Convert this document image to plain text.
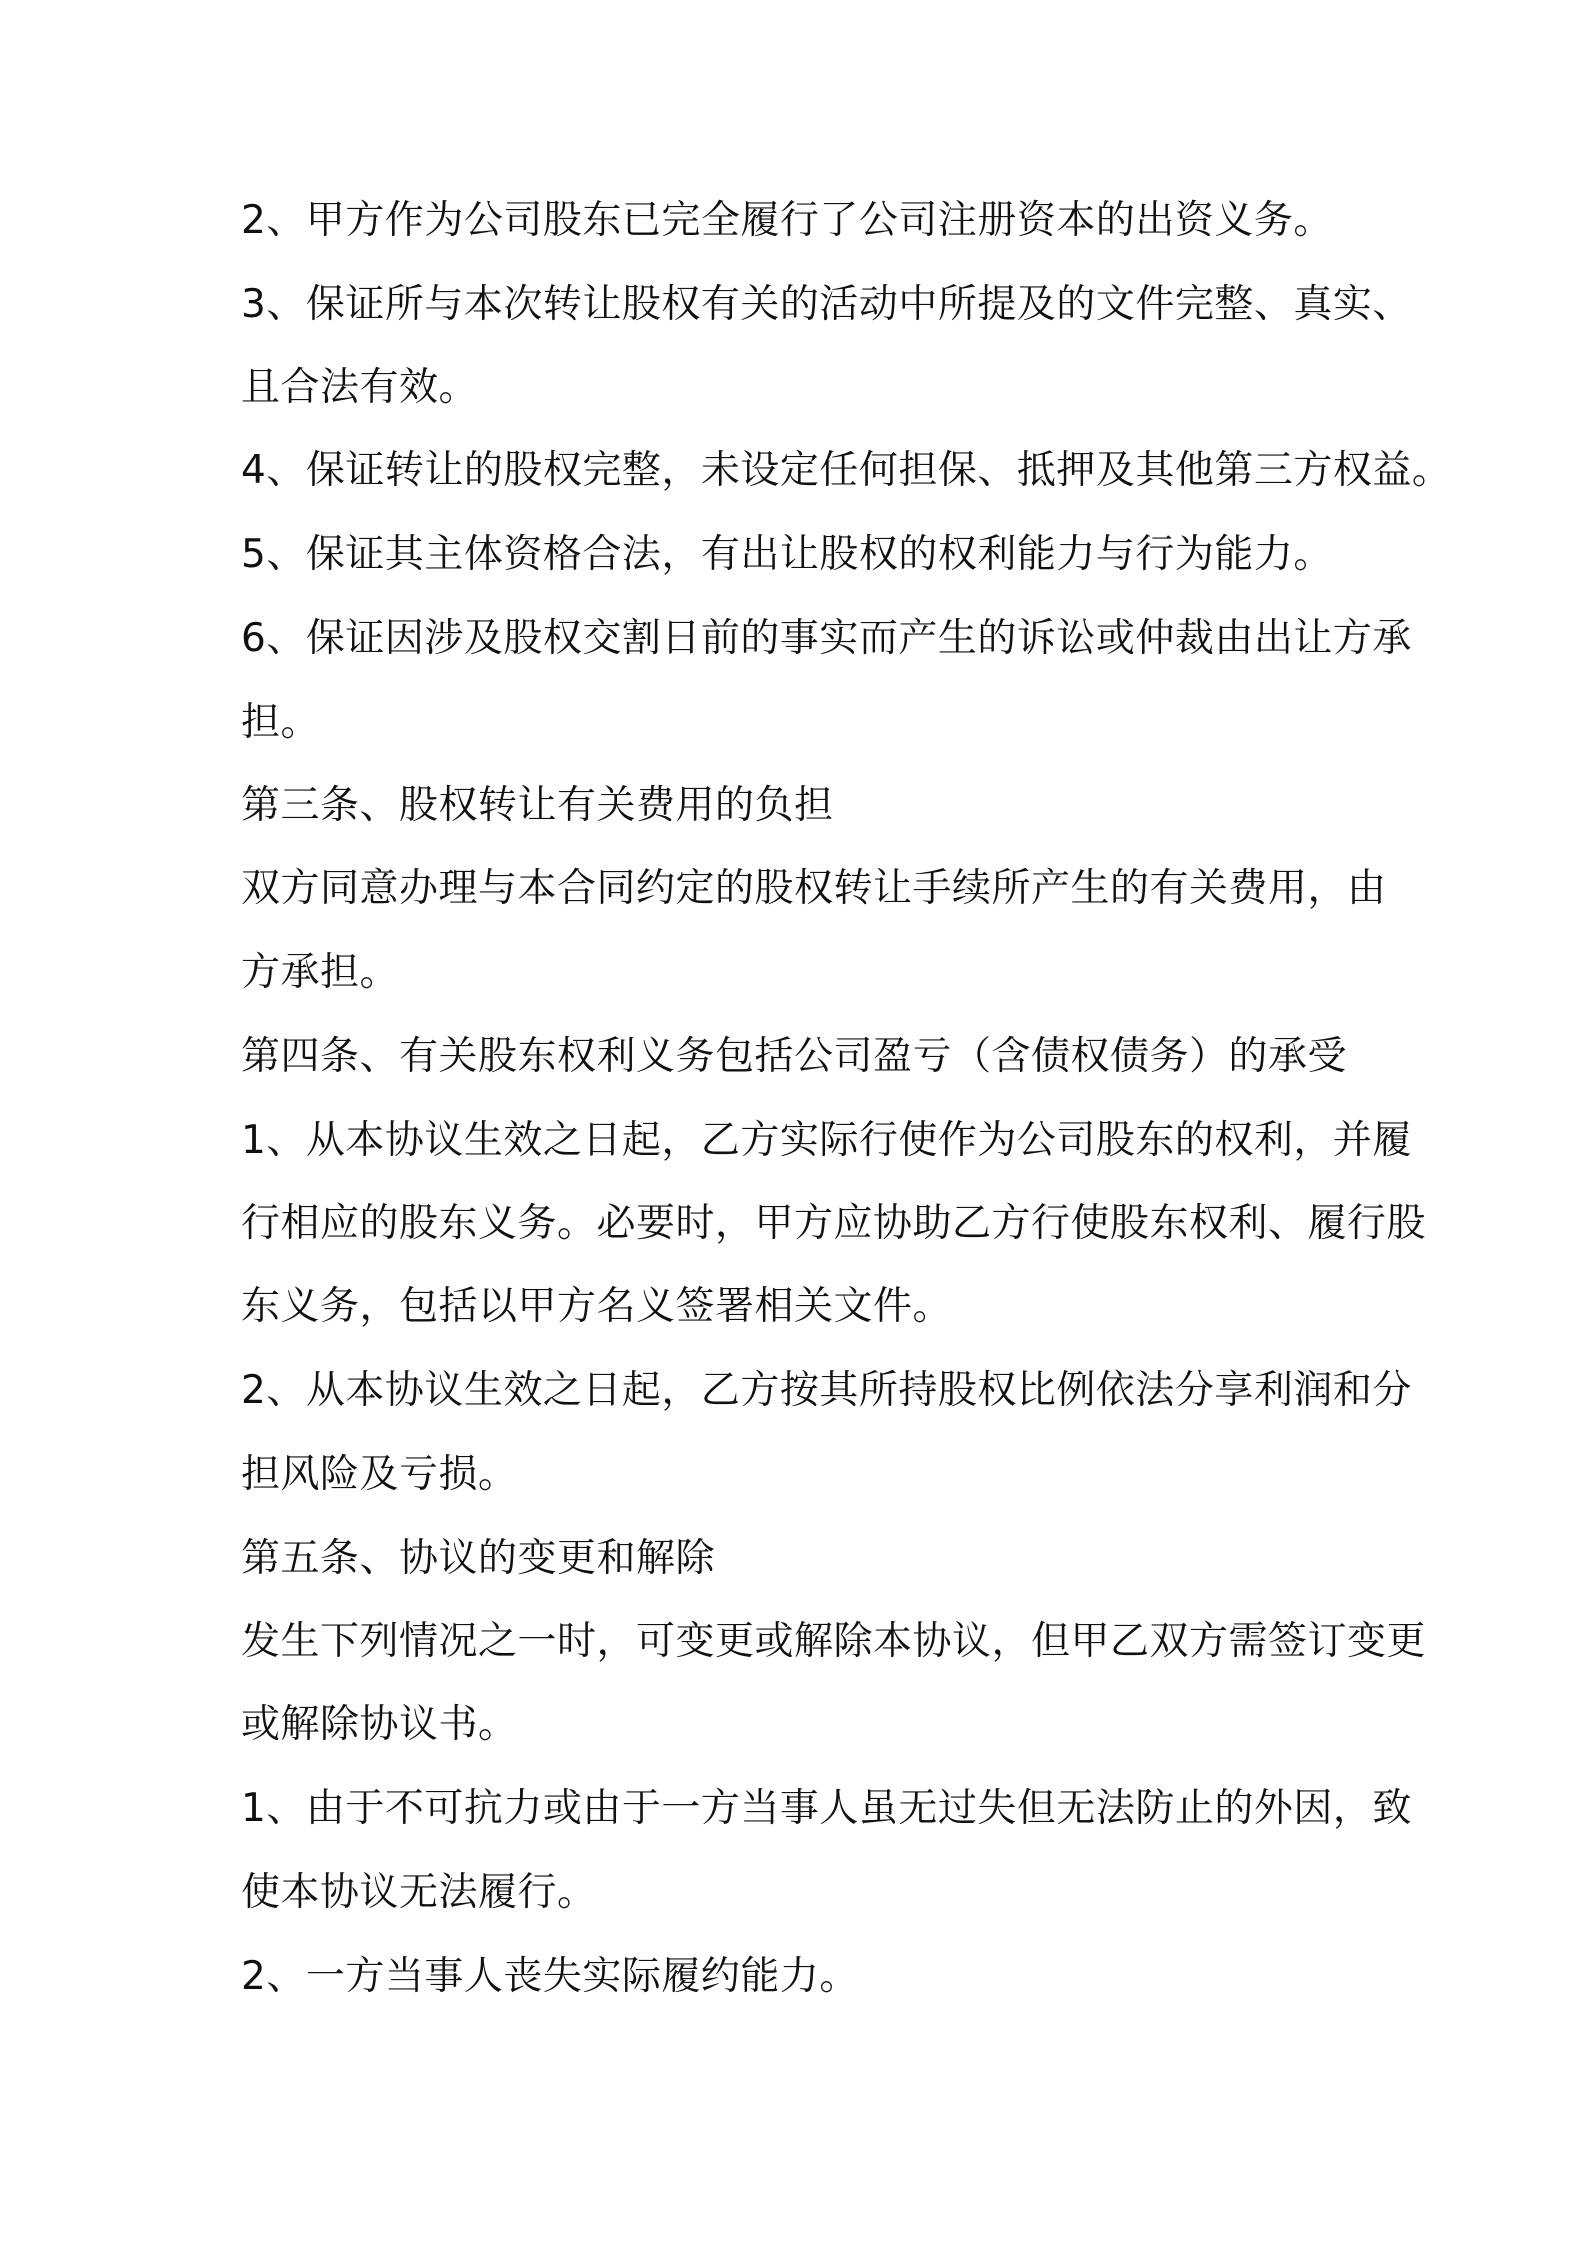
2、甲方作为公司股东已完全履行了公司注册资本的出资义务。
3、保证所与本次转让股权有关的活动中所提及的文件完整、真实、
且合法有效。
4、保证转让的股权完整，未设定任何担保、抵押及其他第三方权益。
5、保证其主体资格合法，有出让股权的权利能力与行为能力。
6、保证因涉及股权交割日前的事实而产生的诉讼或仲裁由出让方承
担。
第三条、股权转让有关费用的负担
双方同意办理与本合同约定的股权转让手续所产生的有关费用，由
方承担。
第四条、有关股东权利义务包括公司盈亏（含债权债务）的承受
1、从本协议生效之日起，乙方实际行使作为公司股东的权利，并履
行相应的股东义务。必要时，甲方应协助乙方行使股东权利、履行股
东义务，包括以甲方名义签署相关文件。
2、从本协议生效之日起，乙方按其所持股权比例依法分享利润和分
担风险及亏损。
第五条、协议的变更和解除
发生下列情况之一时，可变更或解除本协议，但甲乙双方需签订变更
或解除协议书。
1、由于不可抗力或由于一方当事人虽无过失但无法防止的外因，致
使本协议无法履行。
2、一方当事人丧失实际履约能力。
